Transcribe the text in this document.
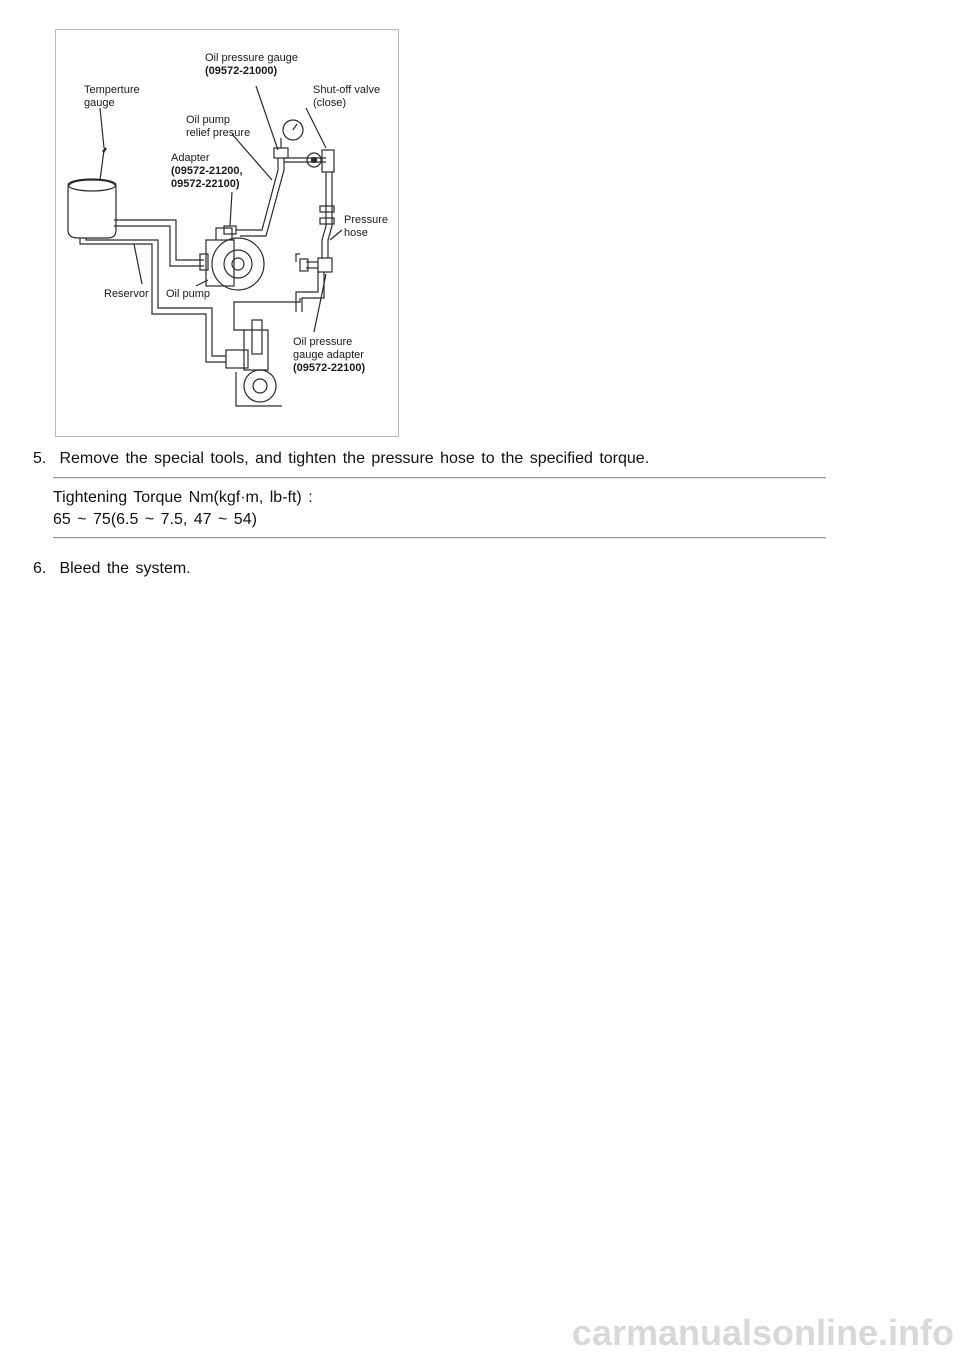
Temperture
gauge
Oil pressure gauge
(09572-21000)
Shut-off valve
(close)
Oil pump
relief presure
Adapter
(09572-21200,
09572-22100)
Pressure
hose
Reservor Oil pump
Oil pressure
gauge adapter
(09572-22100)
5. Remove the special tools, and tighten the pressure hose to the specified torque.
Tightening Torque Nm(kgf·m, lb-ft) :
65 ~ 75(6.5 ~ 7.5, 47 ~ 54)
6. Bleed the system.
carmanualsonline.info
